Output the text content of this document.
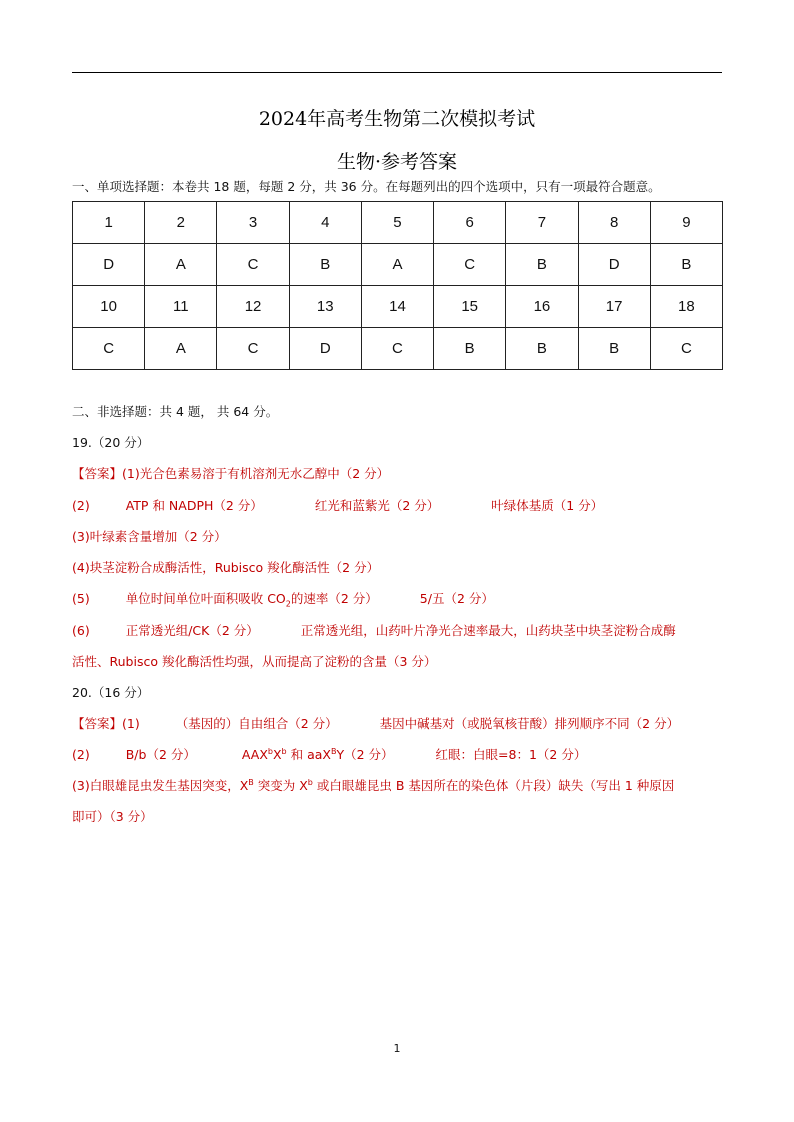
2024年高考生物第二次模拟考试
生物·参考答案
一、单项选择题：本卷共 18 题，每题 2 分，共 36 分。在每题列出的四个选项中，只有一项最符合题意。
1	2	3	4	5	6	7	8	9
D	A	C	B	A	C	B	D	B
10	11	12	13	14	15	16	17	18
C	A	C	D	C	B	B	B	C
二、非选择题：共 4 题， 共 64 分。
19.（20 分）
【答案】(1)光合色素易溶于有机溶剂无水乙醇中（2 分）
(2)	ATP 和 NADPH（2 分）	红光和蓝紫光（2 分）	叶绿体基质（1 分）
(3)叶绿素含量增加（2 分）
(4)块茎淀粉合成酶活性，Rubisco 羧化酶活性（2 分）
(5)	单位时间单位叶面积吸收 $CO_2$的速率（2 分）	5/五（2 分）
(6)	正常透光组/CK（2 分）	正常透光组，山药叶片净光合速率最大，山药块茎中块茎淀粉合成酶
活性、Rubisco 羧化酶活性均强，从而提高了淀粉的含量（3 分）
20.（16 分）
【答案】(1)	（基因的）自由组合（2 分）	基因中碱基对（或脱氧核苷酸）排列顺序不同（2 分）
(2)	B/b（2 分）	$AAX^bX^b$ 和 aaX$^B$Y（2 分）	红眼：白眼=8：1（2 分）
(3)白眼雄昆虫发生基因突变，$X^B$ 突变为 $X^b$ 或白眼雄昆虫 B 基因所在的染色体（片段）缺失（写出 1 种原因
即可）（3 分）
1
